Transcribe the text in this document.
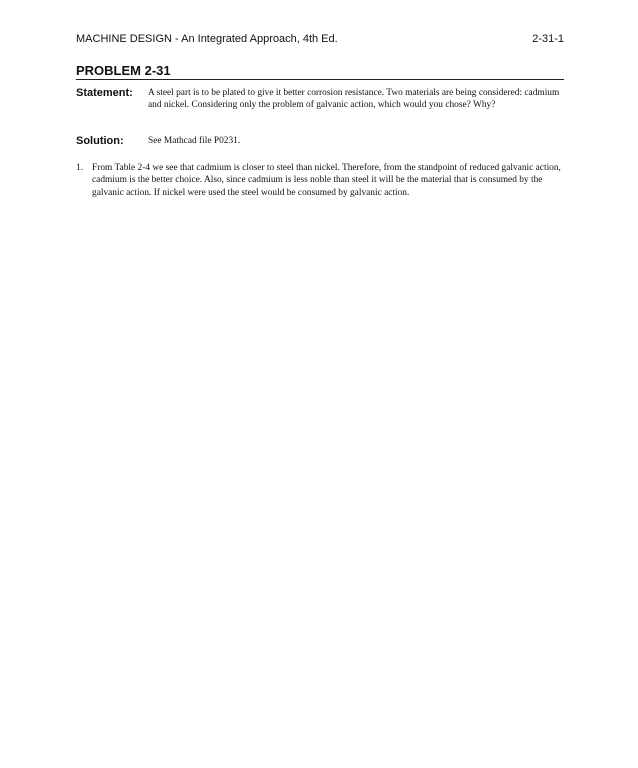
MACHINE DESIGN - An Integrated Approach, 4th Ed.	2-31-1
PROBLEM 2-31
Statement:	A steel part is to be plated to give it better corrosion resistance. Two materials are being considered: cadmium and nickel. Considering only the problem of galvanic action, which would you chose? Why?
Solution:	See Mathcad file P0231.
1. From Table 2-4 we see that cadmium is closer to steel than nickel. Therefore, from the standpoint of reduced galvanic action, cadmium is the better choice. Also, since cadmium is less noble than steel it will be the material that is consumed by the galvanic action. If nickel were used the steel would be consumed by galvanic action.
